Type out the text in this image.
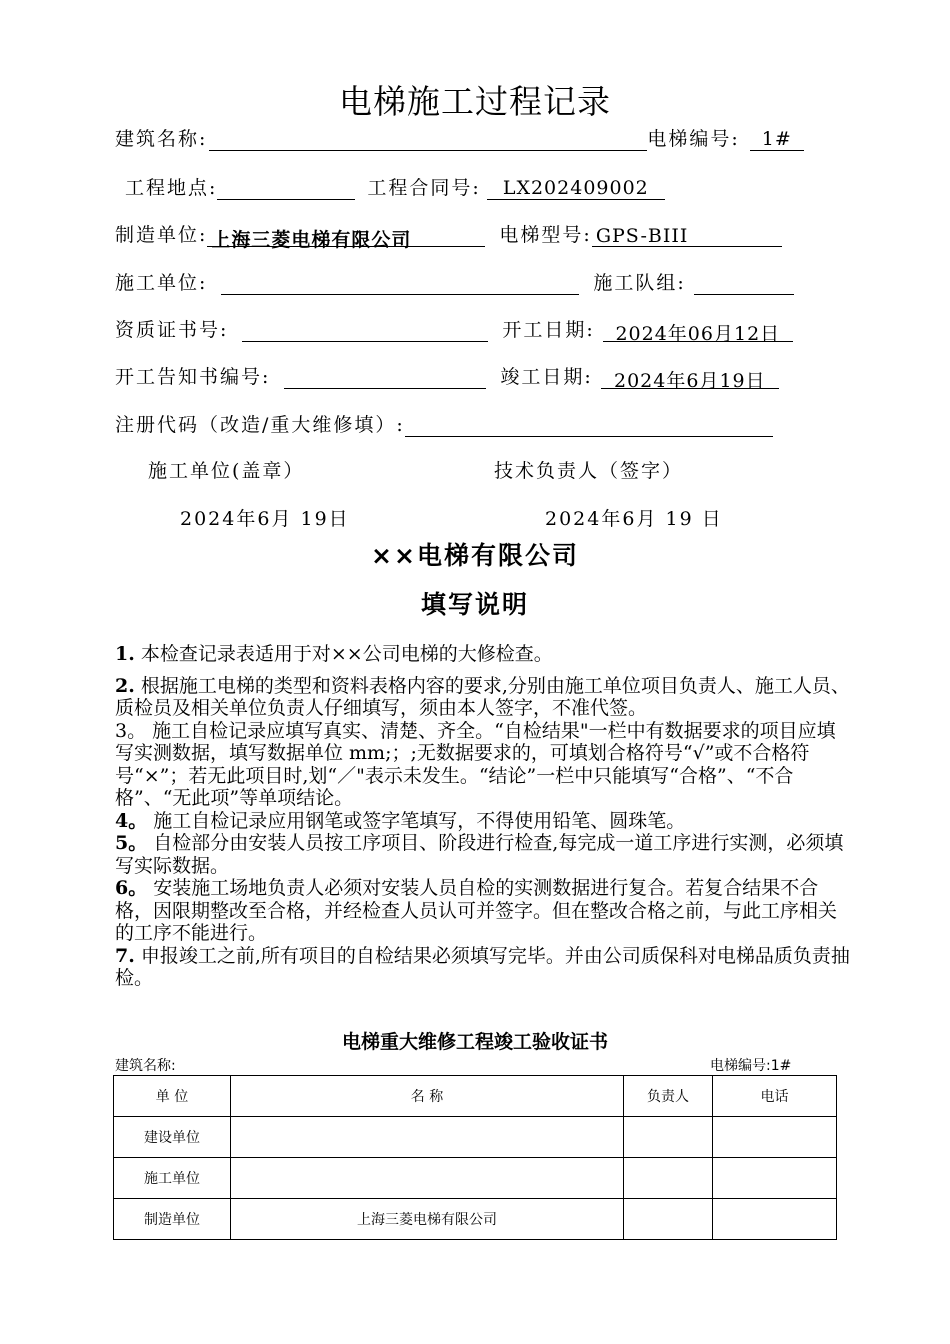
电梯施工过程记录
建筑名称:	电梯编号:	1#
工程地点:	工程合同号:	LX202409002
制造单位: 上海三菱电梯有限公司	电梯型号: GPS-BIII
施工单位:	施工队组:
资质证书号:	开工日期:	2024年06月12日
开工告知书编号:	竣工日期:	2024年6月19日
注册代码（改造/重大维修填）:
施工单位(盖章）	技术负责人（签字）
2024年6月 19日	2024年6月 19 日
××电梯有限公司
填写说明

1. 本检查记录表适用于对××公司电梯的大修检查。

2. 根据施工电梯的类型和资料表格内容的要求,分别由施工单位项目负责人、施工人员、质检员及相关单位负责人仔细填写，须由本人签字，不准代签。

3。 施工自检记录应填写真实、清楚、齐全。“自检结果"一栏中有数据要求的项目应填写实测数据，填写数据单位 mm;；;无数据要求的，可填划合格符号“√”或不合格符号“×”；若无此项目时,划“／"表示未发生。“结论”一栏中只能填写“合格”、“不合格”、“无此项”等单项结论。

4。 施工自检记录应用钢笔或签字笔填写，不得使用铅笔、圆珠笔。

5。 自检部分由安装人员按工序项目、阶段进行检查,每完成一道工序进行实测，必须填写实际数据。

6。 安装施工场地负责人必须对安装人员自检的实测数据进行复合。若复合结果不合格，因限期整改至合格，并经检查人员认可并签字。但在整改合格之前，与此工序相关的工序不能进行。

7. 申报竣工之前,所有项目的自检结果必须填写完毕。并由公司质保科对电梯品质负责抽检。

电梯重大维修工程竣工验收证书
建筑名称:	电梯编号:1#
单 位	名 称	负责人	电话
建设单位			
施工单位			
制造单位	上海三菱电梯有限公司		
